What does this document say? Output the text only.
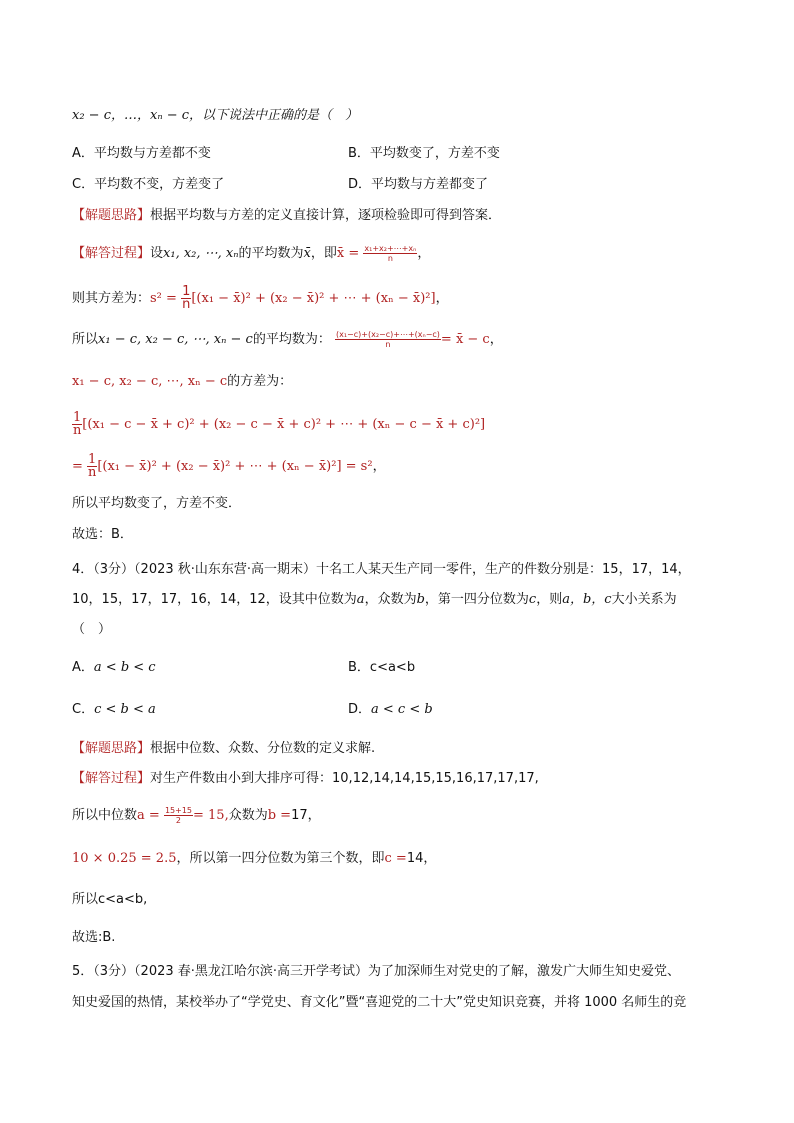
x₂ − c，…，xₙ − c，以下说法中正确的是（　）
A．平均数与方差都不变	B．平均数变了，方差不变
C．平均数不变，方差变了	D．平均数与方差都变了
【解题思路】根据平均数与方差的定义直接计算，逐项检验即可得到答案．
【解答过程】设x₁, x₂, ⋯, xₙ的平均数为x̄，即x̄ = $\frac{\text{x₁+x₂+⋯+xₙ}}{n}$ ，
则其方差为：$s^2 = \frac{1}{n} [(x_1$ − x̄)² + (x₂ − x̄)² + ⋯ + (xₙ − x̄)²]，
所以x₁ − c, x₂ − c, ⋯, xₙ − c的平均数为： $\frac{\text{(x₁−c)+(x₂−c)+⋯+(xₙ−c)}}{n}$ = x̄ − c，
x₁ − c, x₂ − c, ⋯, xₙ − c的方差为：
$\frac{1}{n} [(x_1 - c$ − x̄ + c)² + (x₂ − c − x̄ + c)² + ⋯ + (xₙ − c − x̄ + c)²]
= $\frac{1}{n} [(x_1$ − x̄)² + (x₂ − x̄)² + ⋯ + (xₙ − x̄)²] = s²，
所以平均数变了，方差不变．
故选：B．
4．（3分）（2023 秋·山东东营·高一期末）十名工人某天生产同一零件，生产的件数分别是：15，17，14，
10，15，17，17，16，14，12，设其中位数为a，众数为b，第一四分位数为c，则a，b，c大小关系为
（　）
A．a < b < c	B．c<a<b
C．c < b < a	D．a < c < b
【解题思路】根据中位数、众数、分位数的定义求解.
【解答过程】对生产件数由小到大排序可得：10,12,14,14,15,15,16,17,17,17,
所以中位数$a = \frac{15+15}{2} = 15$,众数为b =17，
10 × 0.25 = 2.5，所以第一四分位数为第三个数，即c =14，
所以c<a<b,
故选:B.
5．（3分）（2023 春·黑龙江哈尔滨·高三开学考试）为了加深师生对党史的了解，激发广大师生知史爱党、
知史爱国的热情，某校举办了“学党史、育文化”暨“喜迎党的二十大”党史知识竞赛，并将 1000 名师生的竞
